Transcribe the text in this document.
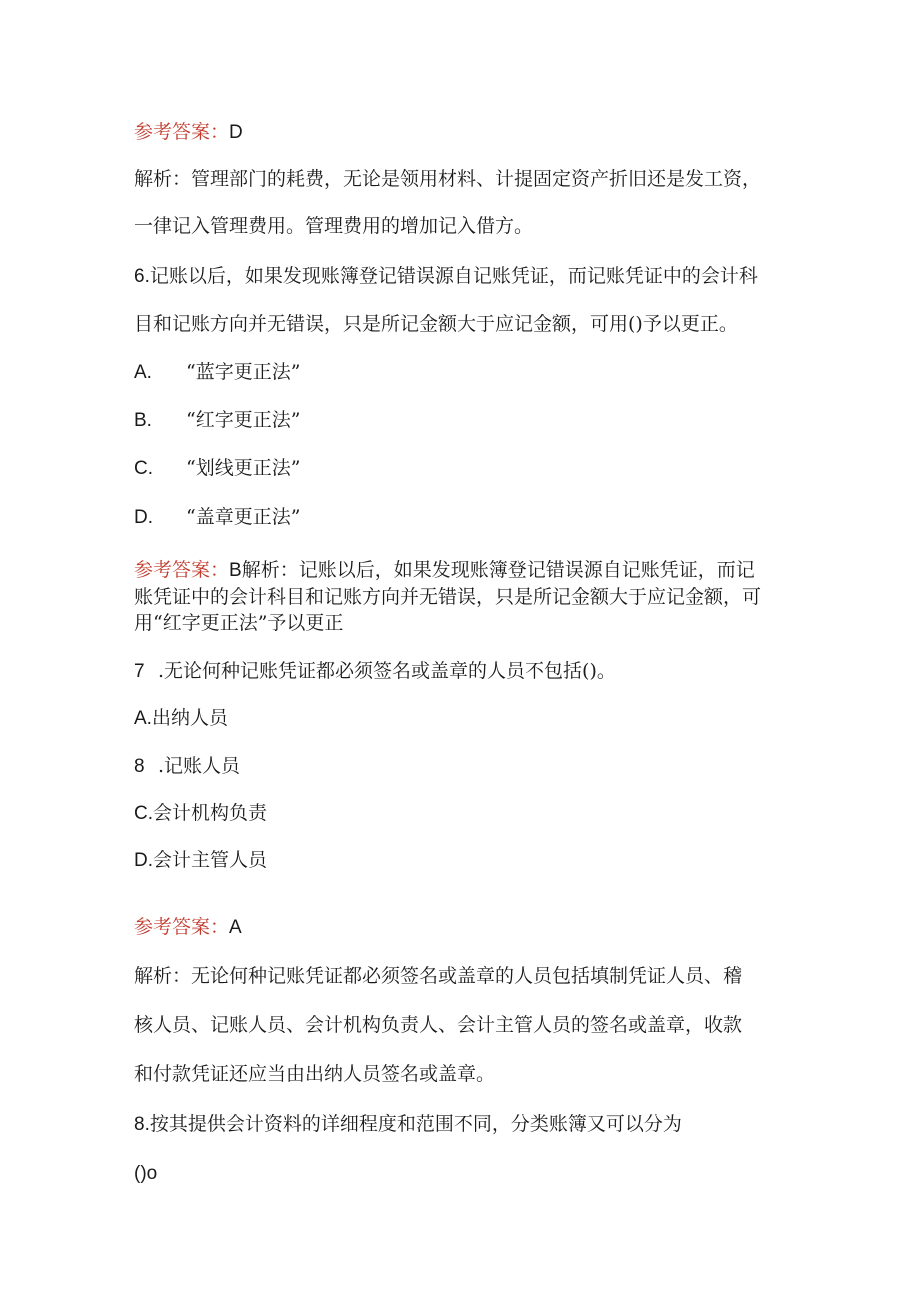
参考答案：D
解析：管理部门的耗费，无论是领用材料、计提固定资产折旧还是发工资，
一律记入管理费用。管理费用的增加记入借方。
6.记账以后，如果发现账簿登记错误源自记账凭证，而记账凭证中的会计科
目和记账方向并无错误，只是所记金额大于应记金额，可用()予以更正。
A. “蓝字更正法”
B. “红字更正法”
C. “划线更正法”
D. “盖章更正法”
参考答案：B解析：记账以后，如果发现账簿登记错误源自记账凭证，而记
账凭证中的会计科目和记账方向并无错误，只是所记金额大于应记金额，可
用“红字更正法”予以更正
7 .无论何种记账凭证都必须签名或盖章的人员不包括()。
A.出纳人员
8 .记账人员
C.会计机构负责
D.会计主管人员
参考答案：A
解析：无论何种记账凭证都必须签名或盖章的人员包括填制凭证人员、稽
核人员、记账人员、会计机构负责人、会计主管人员的签名或盖章，收款
和付款凭证还应当由出纳人员签名或盖章。
8.按其提供会计资料的详细程度和范围不同，分类账簿又可以分为
()o
